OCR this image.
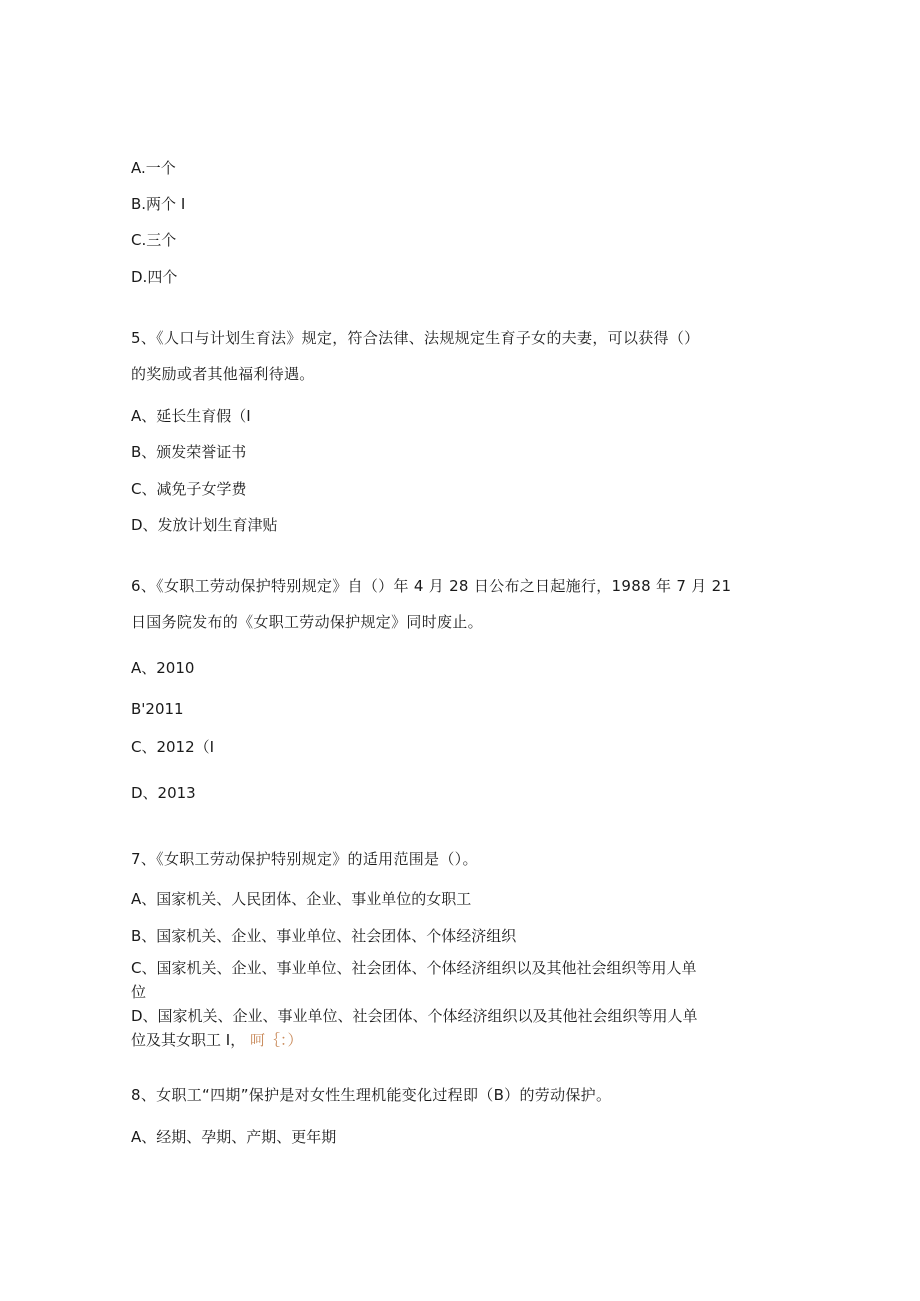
A.一个
B.两个 I
C.三个
D.四个
5、《人口与计划生育法》规定，符合法律、法规规定生育子女的夫妻，可以获得（）
的奖励或者其他福利待遇。
A、延长生育假（I
B、颁发荣誉证书
C、减免子女学费
D、发放计划生育津贴
6、《女职工劳动保护特别规定》自（）年 4 月 28 日公布之日起施行，1988 年 7 月 21
日国务院发布的《女职工劳动保护规定》同时废止。
A、2010
B'2011
C、2012（I
D、2013
7、《女职工劳动保护特别规定》的适用范围是（）。
A、国家机关、人民团体、企业、事业单位的女职工
B、国家机关、企业、事业单位、社会团体、个体经济组织
C、国家机关、企业、事业单位、社会团体、个体经济组织以及其他社会组织等用人单
位
D、国家机关、企业、事业单位、社会团体、个体经济组织以及其他社会组织等用人单
位及其女职工 I， 呵｛：）
8、女职工“四期”保护是对女性生理机能变化过程即（B）的劳动保护。
A、经期、孕期、产期、更年期
